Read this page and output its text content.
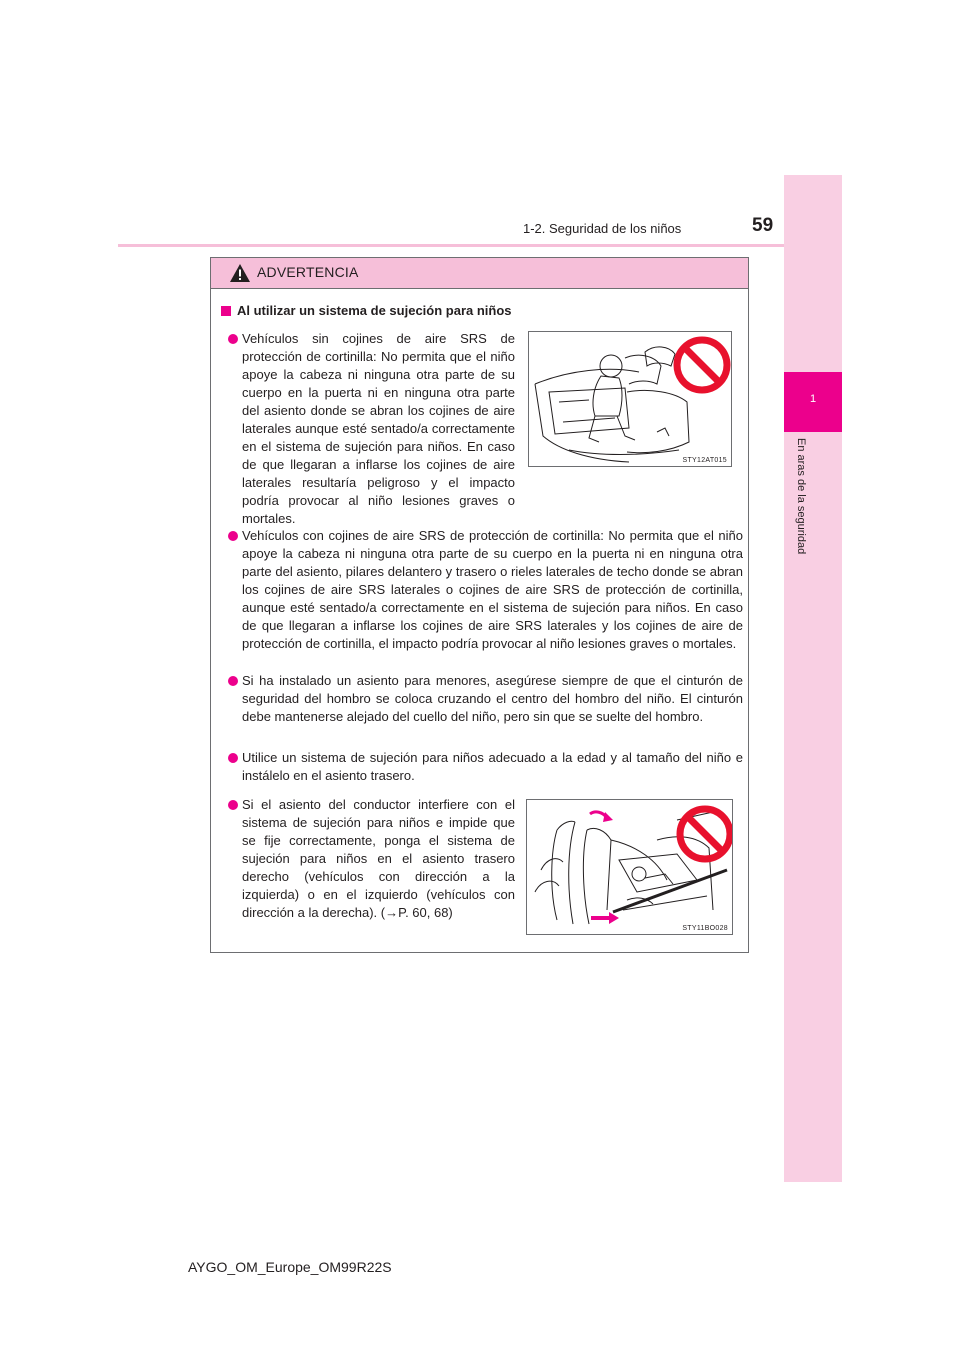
1-2. Seguridad de los niños	59
1
En aras de la seguridad
ADVERTENCIA
Al utilizar un sistema de sujeción para niños
Vehículos sin cojines de aire SRS de protección de cortinilla: No permita que el niño apoye la cabeza ni ninguna otra parte de su cuerpo en la puerta ni en ninguna otra parte del asiento donde se abran los cojines de aire laterales aunque esté sentado/a correctamente en el sistema de sujeción para niños. En caso de que llegaran a inflarse los cojines de aire laterales resultaría peligroso y el impacto podría provocar al niño lesiones graves o mortales.
STY12AT015
Vehículos con cojines de aire SRS de protección de cortinilla: No permita que el niño apoye la cabeza ni ninguna otra parte de su cuerpo en la puerta ni en ninguna otra parte del asiento, pilares delantero y trasero o rieles laterales de techo donde se abran los cojines de aire SRS laterales o cojines de aire SRS de protección de cortinilla, aunque esté sentado/a correctamente en el sistema de sujeción para niños. En caso de que llegaran a inflarse los cojines de aire SRS laterales y los cojines de aire de protección de cortinilla, el impacto podría provocar al niño lesiones graves o mortales.
Si ha instalado un asiento para menores, asegúrese siempre de que el cinturón de seguridad del hombro se coloca cruzando el centro del hombro del niño. El cinturón debe mantenerse alejado del cuello del niño, pero sin que se suelte del hombro.
Utilice un sistema de sujeción para niños adecuado a la edad y al tamaño del niño e instálelo en el asiento trasero.
Si el asiento del conductor interfiere con el sistema de sujeción para niños e impide que se fije correctamente, ponga el sistema de sujeción para niños en el asiento trasero derecho (vehículos con dirección a la izquierda) o en el izquierdo (vehículos con dirección a la derecha). (→P. 60, 68)
STY11BO028
AYGO_OM_Europe_OM99R22S
